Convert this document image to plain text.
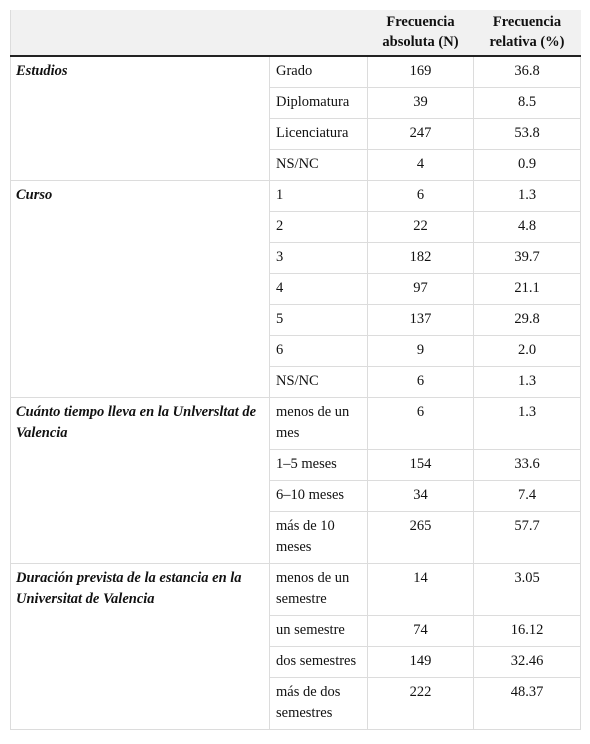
		Frecuencia absoluta (N)	Frecuencia relativa (%)
Estudios	Grado	169	36.8
	Diplomatura	39	8.5
	Licenciatura	247	53.8
	NS/NC	4	0.9
Curso	1	6	1.3
	2	22	4.8
	3	182	39.7
	4	97	21.1
	5	137	29.8
	6	9	2.0
	NS/NC	6	1.3
Cuánto tiempo lleva en la Unlversltat de Valencia	menos de un mes	6	1.3
	1–5 meses	154	33.6
	6–10 meses	34	7.4
	más de 10 meses	265	57.7
Duración prevista de la estancia en la Universitat de Valencia	menos de un semestre	14	3.05
	un semestre	74	16.12
	dos semestres	149	32.46
	más de dos semestres	222	48.37
